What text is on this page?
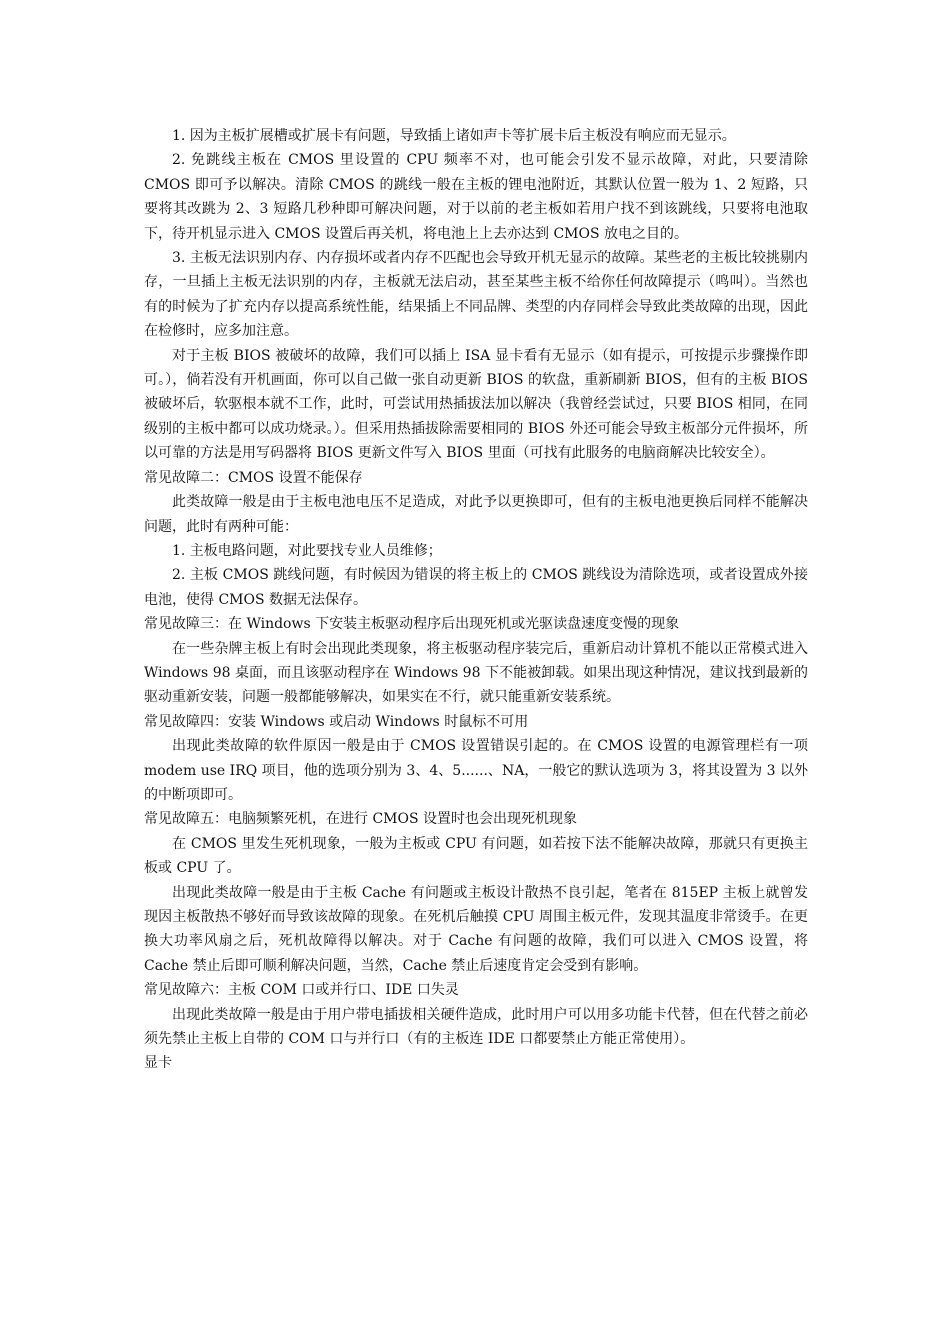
1. 因为主板扩展槽或扩展卡有问题，导致插上诸如声卡等扩展卡后主板没有响应而无显示。

2. 免跳线主板在 CMOS 里设置的 CPU 频率不对，也可能会引发不显示故障，对此，只要清除 CMOS 即可予以解决。清除 CMOS 的跳线一般在主板的锂电池附近，其默认位置一般为 1、2 短路，只要将其改跳为 2、3 短路几秒种即可解决问题，对于以前的老主板如若用户找不到该跳线，只要将电池取下，待开机显示进入 CMOS 设置后再关机，将电池上上去亦达到 CMOS 放电之目的。

3. 主板无法识别内存、内存损坏或者内存不匹配也会导致开机无显示的故障。某些老的主板比较挑剔内存，一旦插上主板无法识别的内存，主板就无法启动，甚至某些主板不给你任何故障提示（鸣叫）。当然也有的时候为了扩充内存以提高系统性能，结果插上不同品牌、类型的内存同样会导致此类故障的出现，因此在检修时，应多加注意。

对于主板 BIOS 被破坏的故障，我们可以插上 ISA 显卡看有无显示（如有提示，可按提示步骤操作即可。），倘若没有开机画面，你可以自己做一张自动更新 BIOS 的软盘，重新刷新 BIOS，但有的主板 BIOS 被破坏后，软驱根本就不工作，此时，可尝试用热插拔法加以解决（我曾经尝试过，只要 BIOS 相同，在同级别的主板中都可以成功烧录。）。但采用热插拔除需要相同的 BIOS 外还可能会导致主板部分元件损坏，所以可靠的方法是用写码器将 BIOS 更新文件写入 BIOS 里面（可找有此服务的电脑商解决比较安全）。

常见故障二：CMOS 设置不能保存

此类故障一般是由于主板电池电压不足造成，对此予以更换即可，但有的主板电池更换后同样不能解决问题，此时有两种可能：

1. 主板电路问题，对此要找专业人员维修；

2. 主板 CMOS 跳线问题，有时候因为错误的将主板上的 CMOS 跳线设为清除选项，或者设置成外接电池，使得 CMOS 数据无法保存。

常见故障三：在 Windows 下安装主板驱动程序后出现死机或光驱读盘速度变慢的现象

在一些杂牌主板上有时会出现此类现象，将主板驱动程序装完后，重新启动计算机不能以正常模式进入 Windows 98 桌面，而且该驱动程序在 Windows 98 下不能被卸载。如果出现这种情况，建议找到最新的驱动重新安装，问题一般都能够解决，如果实在不行，就只能重新安装系统。

常见故障四：安装 Windows 或启动 Windows 时鼠标不可用

出现此类故障的软件原因一般是由于 CMOS 设置错误引起的。在 CMOS 设置的电源管理栏有一项 modem use IRQ 项目，他的选项分别为 3、4、5......、NA，一般它的默认选项为 3，将其设置为 3 以外的中断项即可。

常见故障五：电脑频繁死机，在进行 CMOS 设置时也会出现死机现象

在 CMOS 里发生死机现象，一般为主板或 CPU 有问题，如若按下法不能解决故障，那就只有更换主板或 CPU 了。

出现此类故障一般是由于主板 Cache 有问题或主板设计散热不良引起，笔者在 815EP 主板上就曾发现因主板散热不够好而导致该故障的现象。在死机后触摸 CPU 周围主板元件，发现其温度非常烫手。在更换大功率风扇之后，死机故障得以解决。对于 Cache 有问题的故障，我们可以进入 CMOS 设置，将 Cache 禁止后即可顺利解决问题，当然，Cache 禁止后速度肯定会受到有影响。

常见故障六：主板 COM 口或并行口、IDE 口失灵

出现此类故障一般是由于用户带电插拔相关硬件造成，此时用户可以用多功能卡代替，但在代替之前必须先禁止主板上自带的 COM 口与并行口（有的主板连 IDE 口都要禁止方能正常使用）。

显卡
